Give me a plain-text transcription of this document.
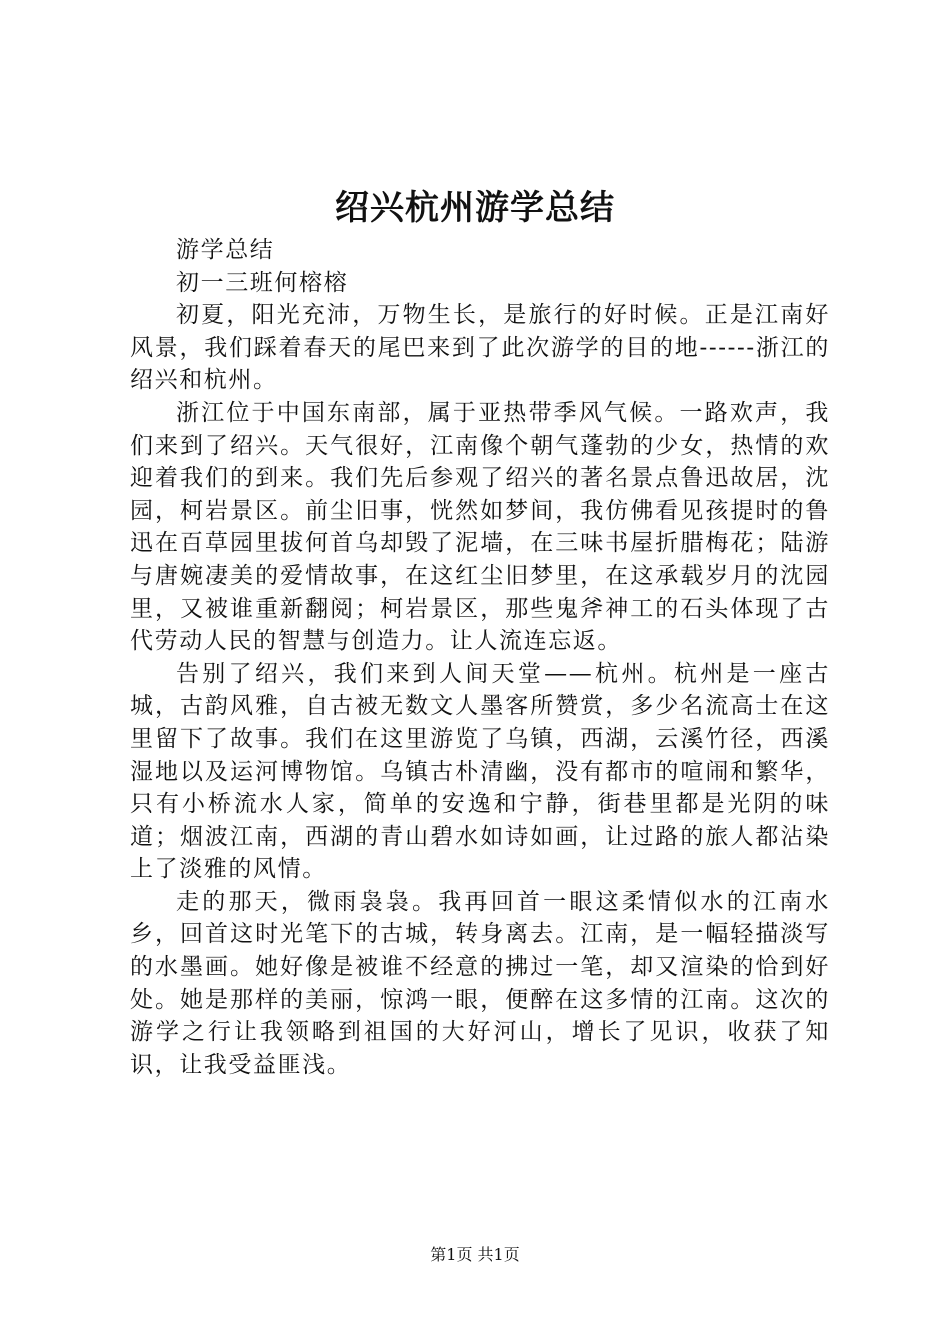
绍兴杭州游学总结

游学总结

初一三班何榕榕

初夏，阳光充沛，万物生长，是旅行的好时候。正是江南好风景，我们踩着春天的尾巴来到了此次游学的目的地------浙江的绍兴和杭州。

浙江位于中国东南部，属于亚热带季风气候。一路欢声，我们来到了绍兴。天气很好，江南像个朝气蓬勃的少女，热情的欢迎着我们的到来。我们先后参观了绍兴的著名景点鲁迅故居，沈园，柯岩景区。前尘旧事，恍然如梦间，我仿佛看见孩提时的鲁迅在百草园里拔何首乌却毁了泥墙，在三味书屋折腊梅花；陆游与唐婉凄美的爱情故事，在这红尘旧梦里，在这承载岁月的沈园里，又被谁重新翻阅；柯岩景区，那些鬼斧神工的石头体现了古代劳动人民的智慧与创造力。让人流连忘返。

告别了绍兴，我们来到人间天堂——杭州。杭州是一座古城，古韵风雅，自古被无数文人墨客所赞赏，多少名流高士在这里留下了故事。我们在这里游览了乌镇，西湖，云溪竹径，西溪湿地以及运河博物馆。乌镇古朴清幽，没有都市的喧闹和繁华，只有小桥流水人家，简单的安逸和宁静，街巷里都是光阴的味道；烟波江南，西湖的青山碧水如诗如画，让过路的旅人都沾染上了淡雅的风情。

走的那天，微雨袅袅。我再回首一眼这柔情似水的江南水乡，回首这时光笔下的古城，转身离去。江南，是一幅轻描淡写的水墨画。她好像是被谁不经意的拂过一笔，却又渲染的恰到好处。她是那样的美丽，惊鸿一眼，便醉在这多情的江南。这次的游学之行让我领略到祖国的大好河山，增长了见识，收获了知识，让我受益匪浅。

第1页 共1页
